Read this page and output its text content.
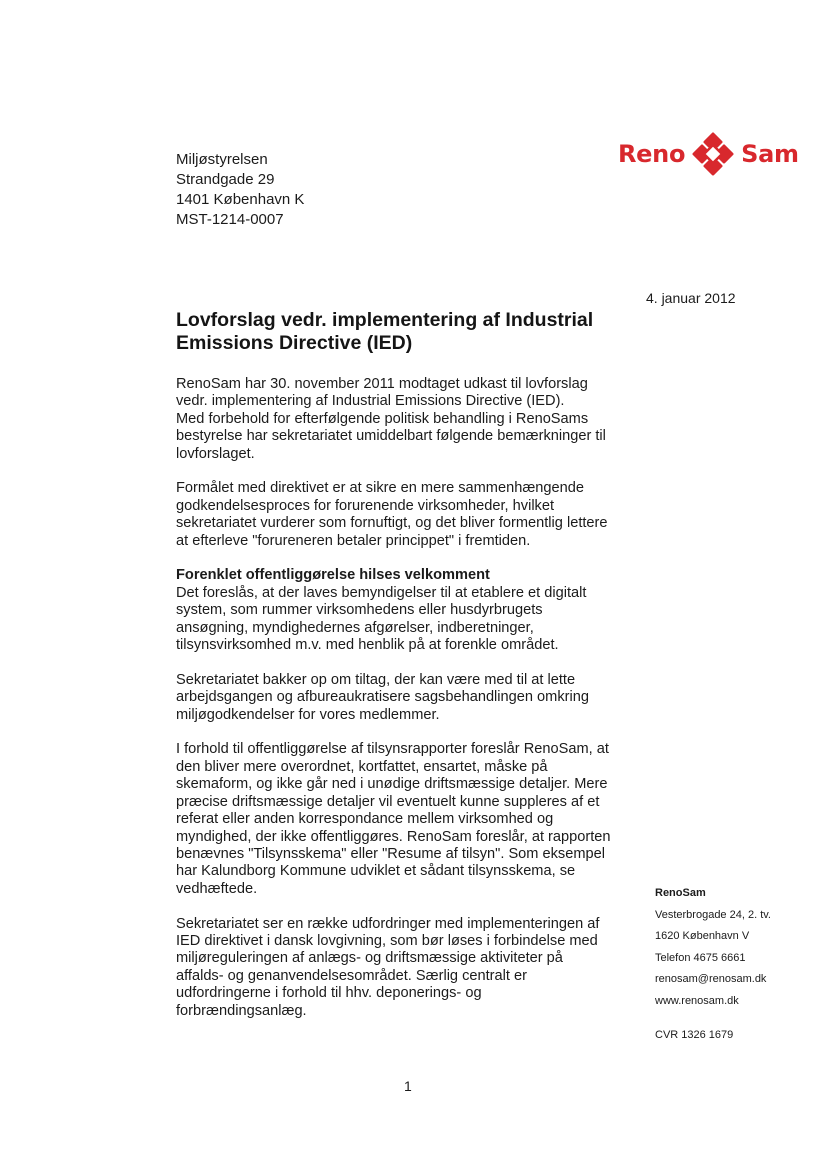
Miljøstyrelsen
Strandgade 29
1401 København K
MST-1214-0007
Reno Sam
4. januar 2012
Lovforslag vedr. implementering af Industrial
Emissions Directive (IED)
RenoSam har 30. november 2011 modtaget udkast til lovforslag
vedr. implementering af Industrial Emissions Directive (IED).
Med forbehold for efterfølgende politisk behandling i RenoSams
bestyrelse har sekretariatet umiddelbart følgende bemærkninger til
lovforslaget.
Formålet med direktivet er at sikre en mere sammenhængende
godkendelsesproces for forurenende virksomheder, hvilket
sekretariatet vurderer som fornuftigt, og det bliver formentlig lettere
at efterleve "forureneren betaler princippet" i fremtiden.
Forenklet offentliggørelse hilses velkomment
Det foreslås, at der laves bemyndigelser til at etablere et digitalt
system, som rummer virksomhedens eller husdyrbrugets
ansøgning, myndighedernes afgørelser, indberetninger,
tilsynsvirksomhed m.v. med henblik på at forenkle området.
Sekretariatet bakker op om tiltag, der kan være med til at lette
arbejdsgangen og afbureaukratisere sagsbehandlingen omkring
miljøgodkendelser for vores medlemmer.
I forhold til offentliggørelse af tilsynsrapporter foreslår RenoSam, at
den bliver mere overordnet, kortfattet, ensartet, måske på
skemaform, og ikke går ned i unødige driftsmæssige detaljer. Mere
præcise driftsmæssige detaljer vil eventuelt kunne suppleres af et
referat eller anden korrespondance mellem virksomhed og
myndighed, der ikke offentliggøres. RenoSam foreslår, at rapporten
benævnes "Tilsynsskema" eller "Resume af tilsyn". Som eksempel
har Kalundborg Kommune udviklet et sådant tilsynsskema, se
vedhæftede.
Sekretariatet ser en række udfordringer med implementeringen af
IED direktivet i dansk lovgivning, som bør løses i forbindelse med
miljøreguleringen af anlægs- og driftsmæssige aktiviteter på
affalds- og genanvendelsesområdet. Særlig centralt er
udfordringerne i forhold til hhv. deponerings- og
forbrændingsanlæg.
RenoSam
Vesterbrogade 24, 2. tv.
1620 København V
Telefon 4675 6661
renosam@renosam.dk
www.renosam.dk
CVR 1326 1679
1
